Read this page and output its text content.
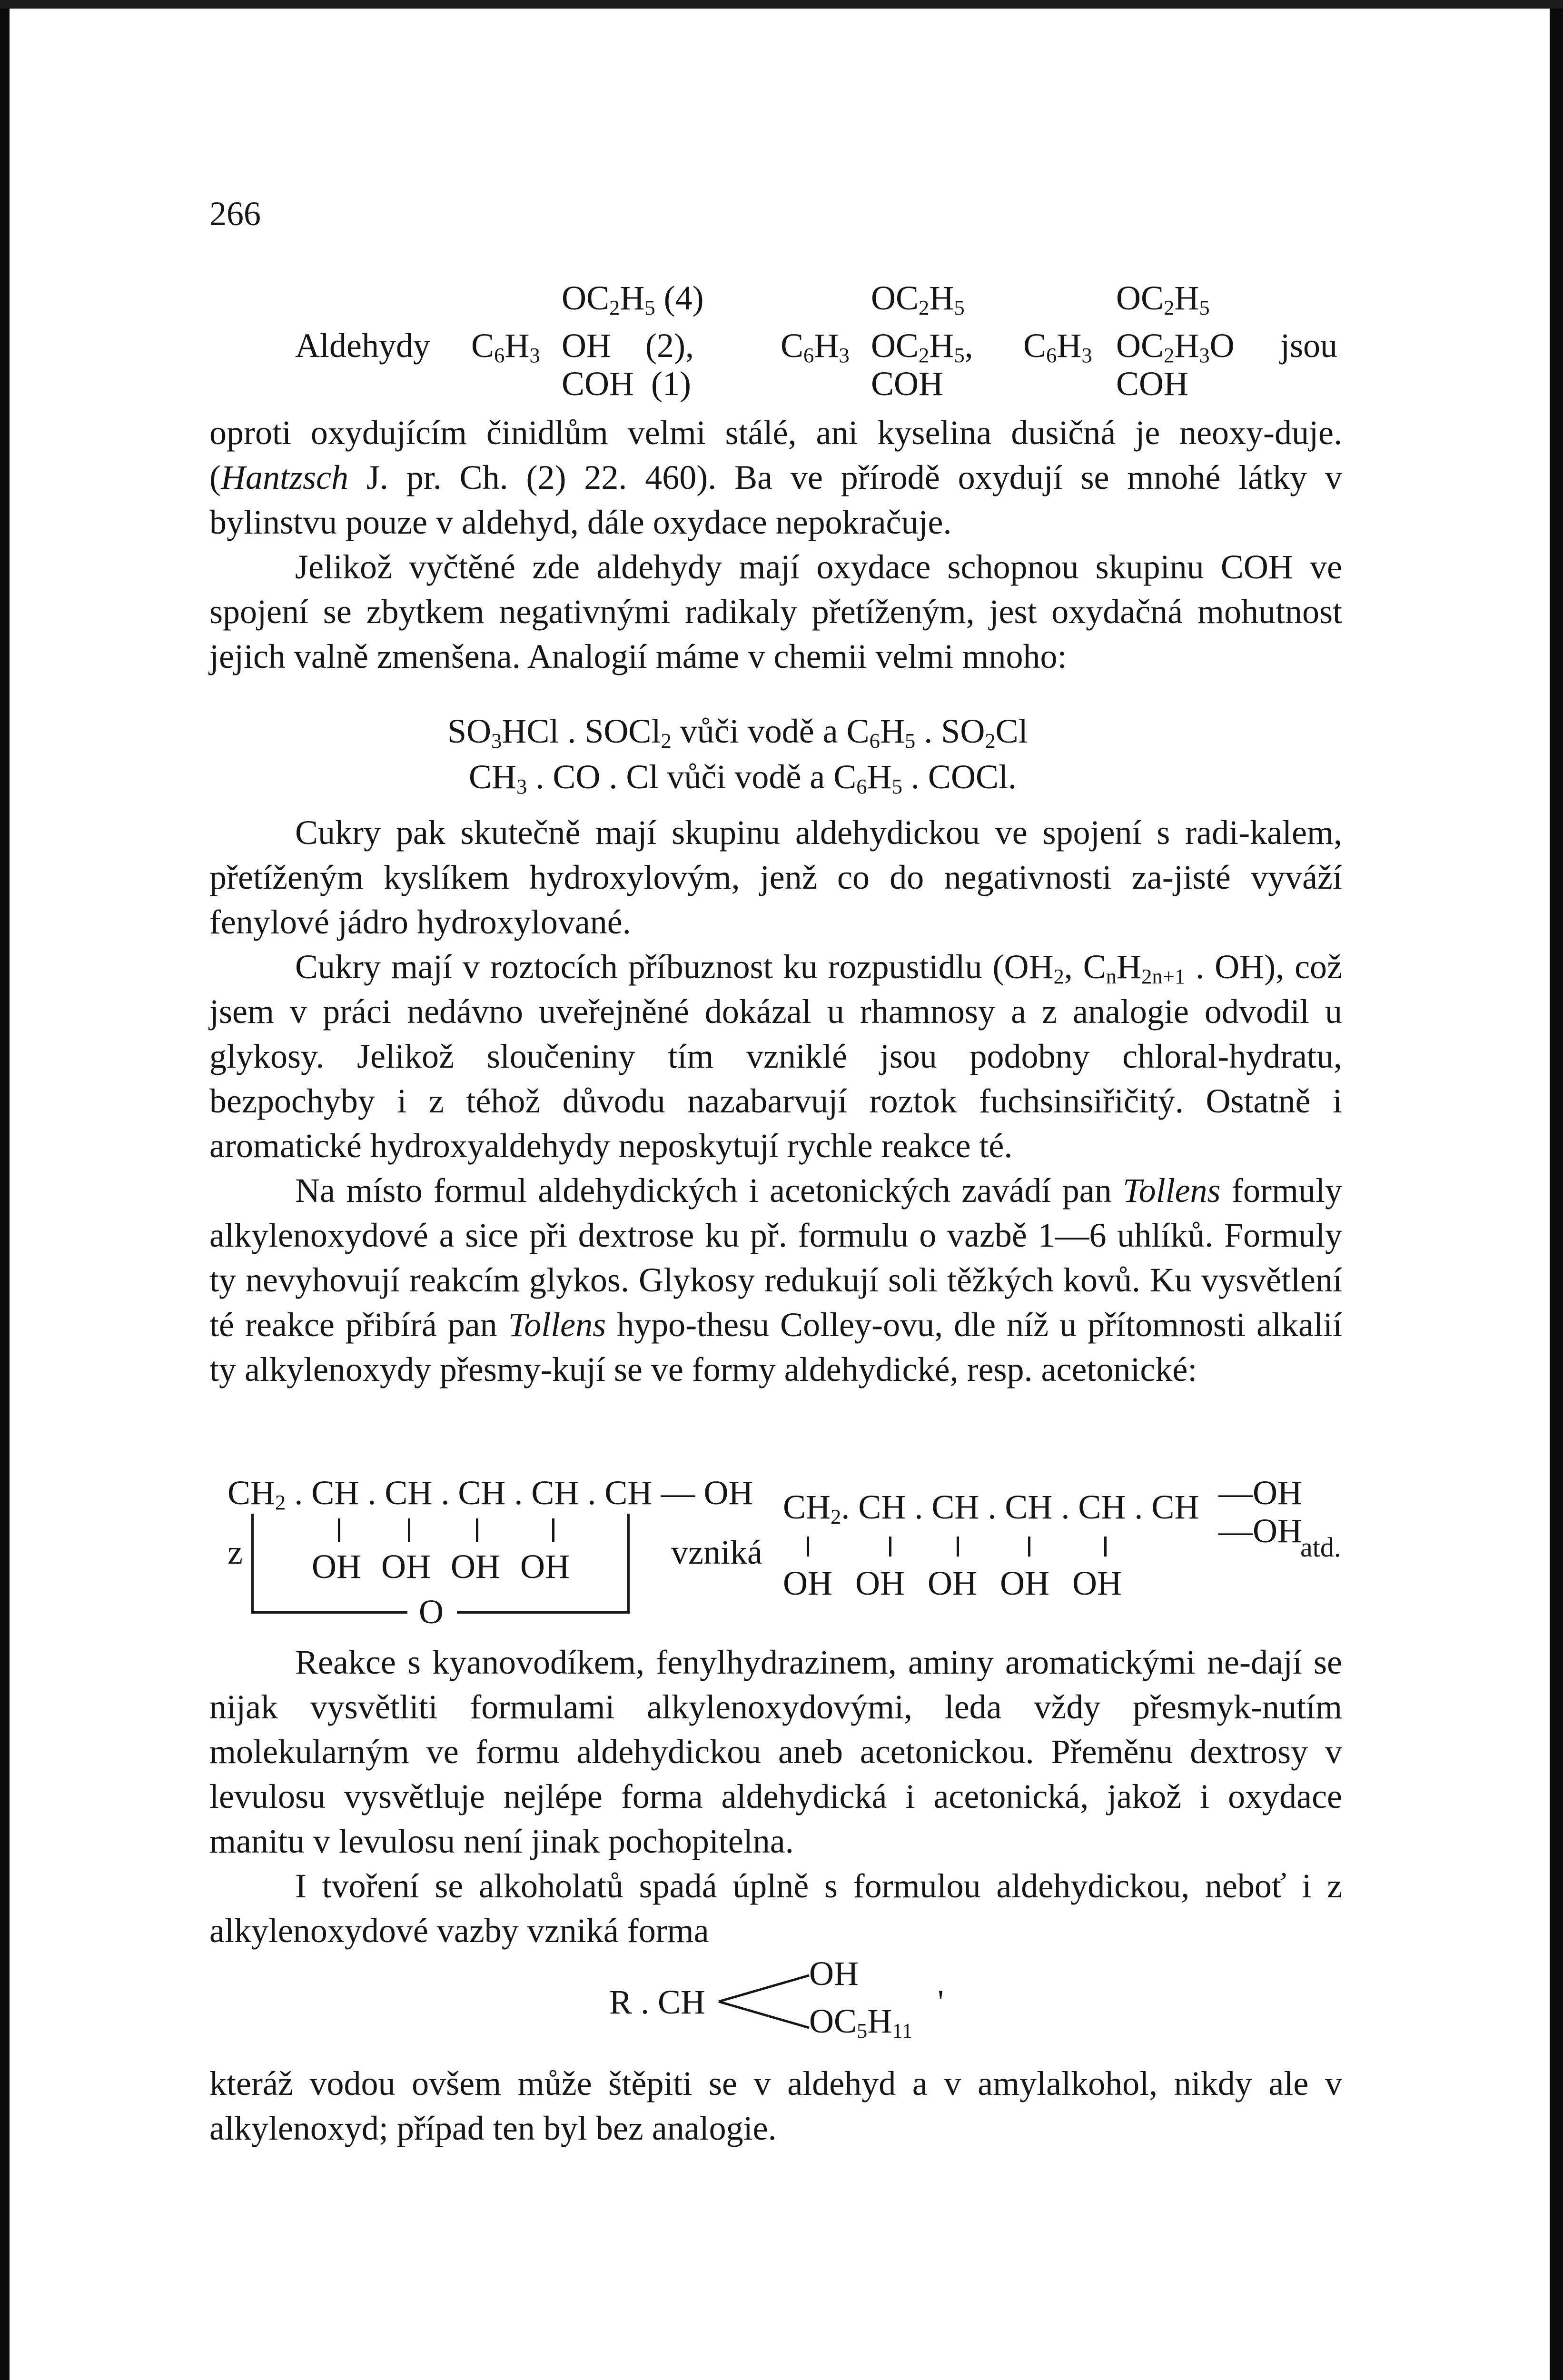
266
Aldehydy $C_6H_3$
$OC_2H_5$ (4)
OH (2),
COH (1)
$C_6H_3$
$OC_2H_5$
$OC_2H_5$,
COH
$C_6H_3$
$OC_2H_5$
$OC_2H_3O$
COH
jsou

oproti oxydujícím činidlům velmi stálé, ani kyselina dusičná je neoxy-duje. (Hantzsch J. pr. Ch. (2) 22. 460). Ba ve přírodě oxydují se mnohé látky v bylinstvu pouze v aldehyd, dále oxydace nepokračuje.

Jelikož vyčtěné zde aldehydy mají oxydace schopnou skupinu COH ve spojení se zbytkem negativnými radikaly přetíženým, jest oxydačná mohutnost jejich valně zmenšena. Analogií máme v chemii velmi mnoho:

$SO_3HCl$ . SOCl$_2$ vůči vodě a $C_6H_5$ . $SO_2Cl$
$CH_3$ . CO . Cl vůči vodě a $C_6H_5$ . COCl.

Cukry pak skutečně mají skupinu aldehydickou ve spojení s radi-kalem, přetíženým kyslíkem hydroxylovým, jenž co do negativnosti za-jisté vyváží fenylové jádro hydroxylované.

Cukry mají v roztocích příbuznost ku rozpustidlu ($OH_2$, $C_nH_{2n+1}$ . OH), což jsem v práci nedávno uveřejněné dokázal u rhamnosy a z analogie odvodil u glykosy. Jelikož sloučeniny tím vzniklé jsou podobny chloral-hydratu, bezpochyby i z téhož důvodu nazabarvují roztok fuchsinsiřičitý. Ostatně i aromatické hydroxyaldehydy neposkytují rychle reakce té.

Na místo formul aldehydických i acetonických zavádí pan Tollens formuly alkylenoxydové a sice při dextrose ku př. formulu o vazbě 1—6 uhlíků. Formuly ty nevyhovují reakcím glykos. Glykosy redukují soli těžkých kovů. Ku vysvětlení té reakce přibírá pan Tollens hypo-thesu Colley-ovu, dle níž u přítomnosti alkalií ty alkylenoxydy přesmy-kují se ve formy aldehydické, resp. acetonické:

z
$CH_2$ . CH . CH . CH . CH . CH — OH
OH OH OH OH
O
vzniká
$CH_2$. CH . CH . CH . CH . CH —OH
—OH
atd.
OH OH OH OH OH

Reakce s kyanovodíkem, fenylhydrazinem, aminy aromatickými ne-dají se nijak vysvětliti formulami alkylenoxydovými, leda vždy přesmyk-nutím molekularným ve formu aldehydickou aneb acetonickou. Přeměnu dextrosy v levulosu vysvětluje nejlépe forma aldehydická i acetonická, jakož i oxydace manitu v levulosu není jinak pochopitelna.

I tvoření se alkoholatů spadá úplně s formulou aldehydickou, neboť i z alkylenoxydové vazby vzniká forma

R . CH
OH
$OC_5H_{11}$
'

kteráž vodou ovšem může štěpiti se v aldehyd a v amylalkohol, nikdy ale v alkylenoxyd; případ ten byl bez analogie.
